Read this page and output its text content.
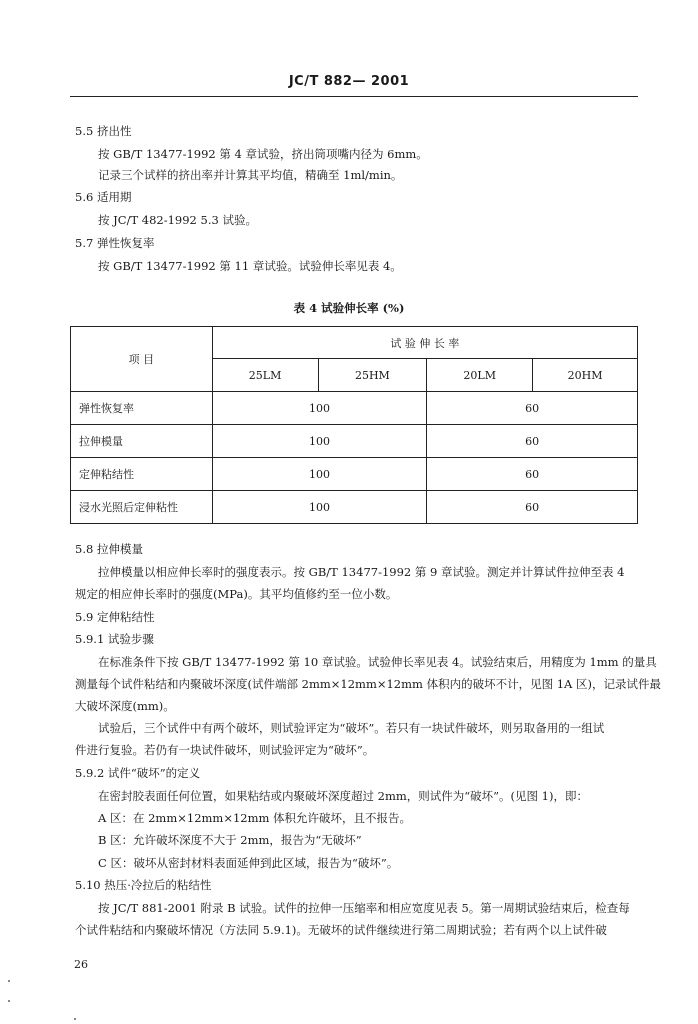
JC/T 882— 2001
5.5 挤出性
按 GB/T 13477-1992 第 4 章试验，挤出筒项嘴内径为 6mm。
记录三个试样的挤出率并计算其平均值，精确至 1ml/min。
5.6 适用期
按 JC/T 482-1992 5.3 试验。
5.7 弹性恢复率
按 GB/T 13477-1992 第 11 章试验。试验伸长率见表 4。
表 4 试验伸长率 (%)
项 目	试 验 伸 长 率			
	25LM	25HM	20LM	20HM
弹性恢复率	100		60	
拉伸模量	100		60	
定伸粘结性	100		60	
浸水光照后定伸粘性	100		60	
5.8 拉伸模量
拉伸模量以相应伸长率时的强度表示。按 GB/T 13477-1992 第 9 章试验。测定并计算试件拉伸至表 4
规定的相应伸长率时的强度(MPa)。其平均值修约至一位小数。
5.9 定伸粘结性
5.9.1 试验步骤
在标准条件下按 GB/T 13477-1992 第 10 章试验。试验伸长率见表 4。试验结束后，用精度为 1mm 的量具
测量每个试件粘结和内聚破坏深度(试件端部 2mm×12mm×12mm 体积内的破坏不计，见图 1A 区)，记录试件最
大破坏深度(mm)。
试验后，三个试件中有两个破坏，则试验评定为“破坏”。若只有一块试件破坏，则另取备用的一组试
件进行复验。若仍有一块试件破坏，则试验评定为“破坏”。
5.9.2 试件“破坏”的定义
在密封胶表面任何位置，如果粘结或内聚破坏深度超过 2mm，则试件为“破坏”。(见图 1)，即：
A 区：在 2mm×12mm×12mm 体积允许破坏，且不报告。
B 区：允许破坏深度不大于 2mm，报告为“无破坏”
C 区：破坏从密封材料表面延伸到此区域，报告为“破坏”。
5.10 热压·冷拉后的粘结性
按 JC/T 881-2001 附录 B 试验。试件的拉伸一压缩率和相应宽度见表 5。第一周期试验结束后，检查每
个试件粘结和内聚破坏情况（方法同 5.9.1)。无破坏的试件继续进行第二周期试验；若有两个以上试件破
26
